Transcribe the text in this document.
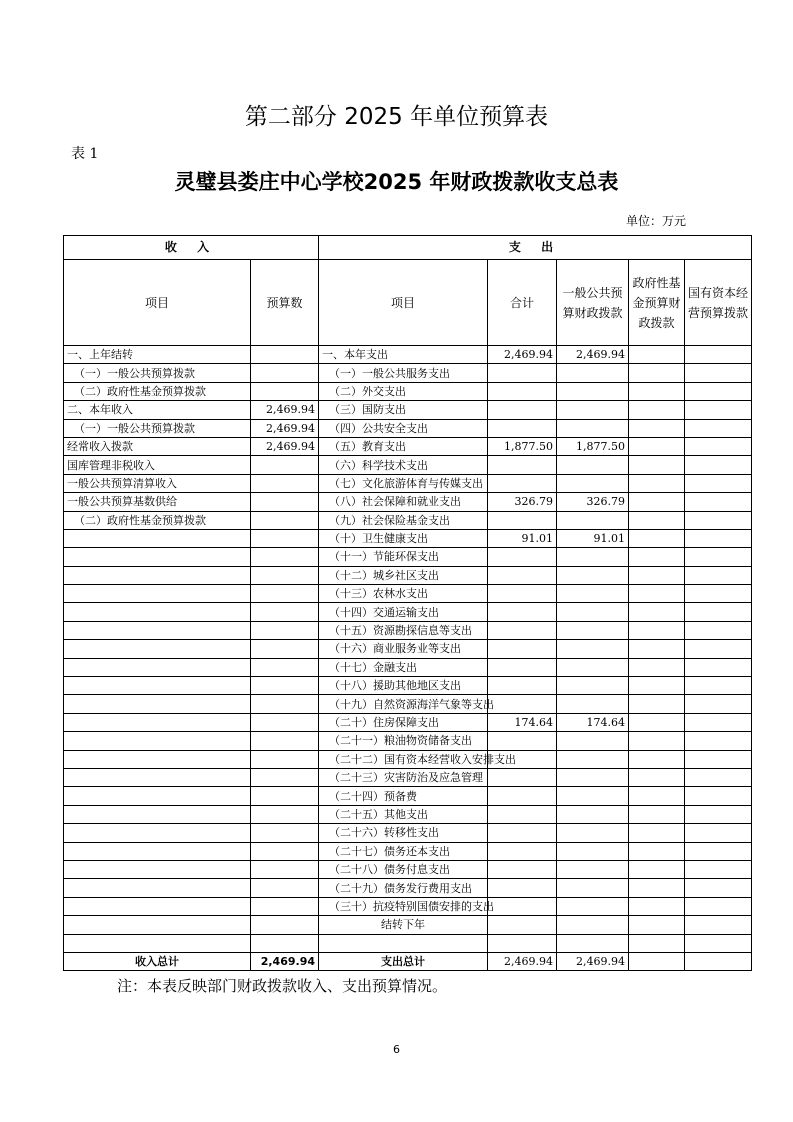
第二部分 2025 年单位预算表
表 1
灵璧县娄庄中心学校2025 年财政拨款收支总表
单位：万元
收 入		支 出				
项目	预算数	项目	合计	一般公共预算财政拨款	政府性基金预算财政拨款	国有资本经营预算拨款
一、上年结转		一、本年支出	2,469.94	2,469.94		
（一）一般公共预算拨款		（一）一般公共服务支出				
（二）政府性基金预算拨款		（二）外交支出				
二、本年收入	2,469.94	（三）国防支出				
（一）一般公共预算拨款	2,469.94	（四）公共安全支出				
经常收入拨款	2,469.94	（五）教育支出	1,877.50	1,877.50		
国库管理非税收入		（六）科学技术支出				
一般公共预算清算收入		（七）文化旅游体育与传媒支出				
一般公共预算基数供给		（八）社会保障和就业支出	326.79	326.79		
（二）政府性基金预算拨款		（九）社会保险基金支出				
		（十）卫生健康支出	91.01	91.01		
		（十一）节能环保支出				
		（十二）城乡社区支出				
		（十三）农林水支出				
		（十四）交通运输支出				
		（十五）资源勘探信息等支出				
		（十六）商业服务业等支出				
		（十七）金融支出				
		（十八）援助其他地区支出				
		（十九）自然资源海洋气象等支出				
		（二十）住房保障支出	174.64	174.64		
		（二十一）粮油物资储备支出				
		（二十二）国有资本经营收入安排支出				
		（二十三）灾害防治及应急管理				
		（二十四）预备费				
		（二十五）其他支出				
		（二十六）转移性支出				
		（二十七）债务还本支出				
		（二十八）债务付息支出				
		（二十九）债务发行费用支出				
		（三十）抗疫特别国债安排的支出				
		结转下年				

收入总计	2,469.94	支出总计	2,469.94	2,469.94		
注：本表反映部门财政拨款收入、支出预算情况。
6
